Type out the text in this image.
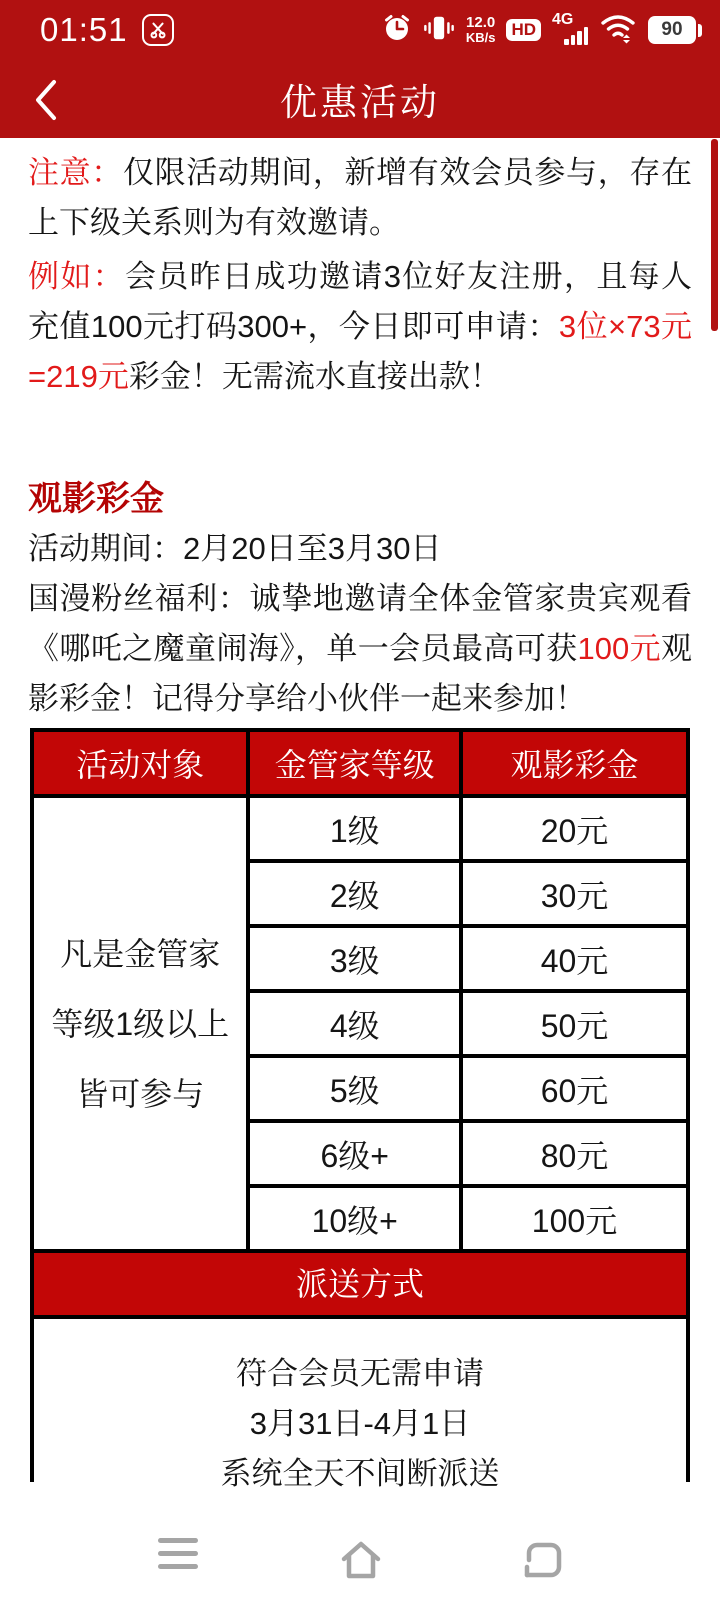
01:51	12.0
KB/s HD
4G	90
优惠活动

注意：仅限活动期间，新增有效会员参与，存在上下级关系则为有效邀请。

例如：会员昨日成功邀请3位好友注册，且每人充值100元打码300+，今日即可申请：3位×73元=219元彩金！无需流水直接出款！

观影彩金

活动期间：2月20日至3月30日

国漫粉丝福利：诚挚地邀请全体金管家贵宾观看《哪吒之魔童闹海》，单一会员最高可获100元观影彩金！记得分享给小伙伴一起来参加！

活动对象	金管家等级	观影彩金

凡是金管家
等级1级以上
皆可参与	1级	20元
	2级	30元
	3级	40元
	4级	50元
	5级	60元
	6级+	80元
	10级+	100元
派送方式
符合会员无需申请
3月31日-4月1日
系统全天不间断派送
